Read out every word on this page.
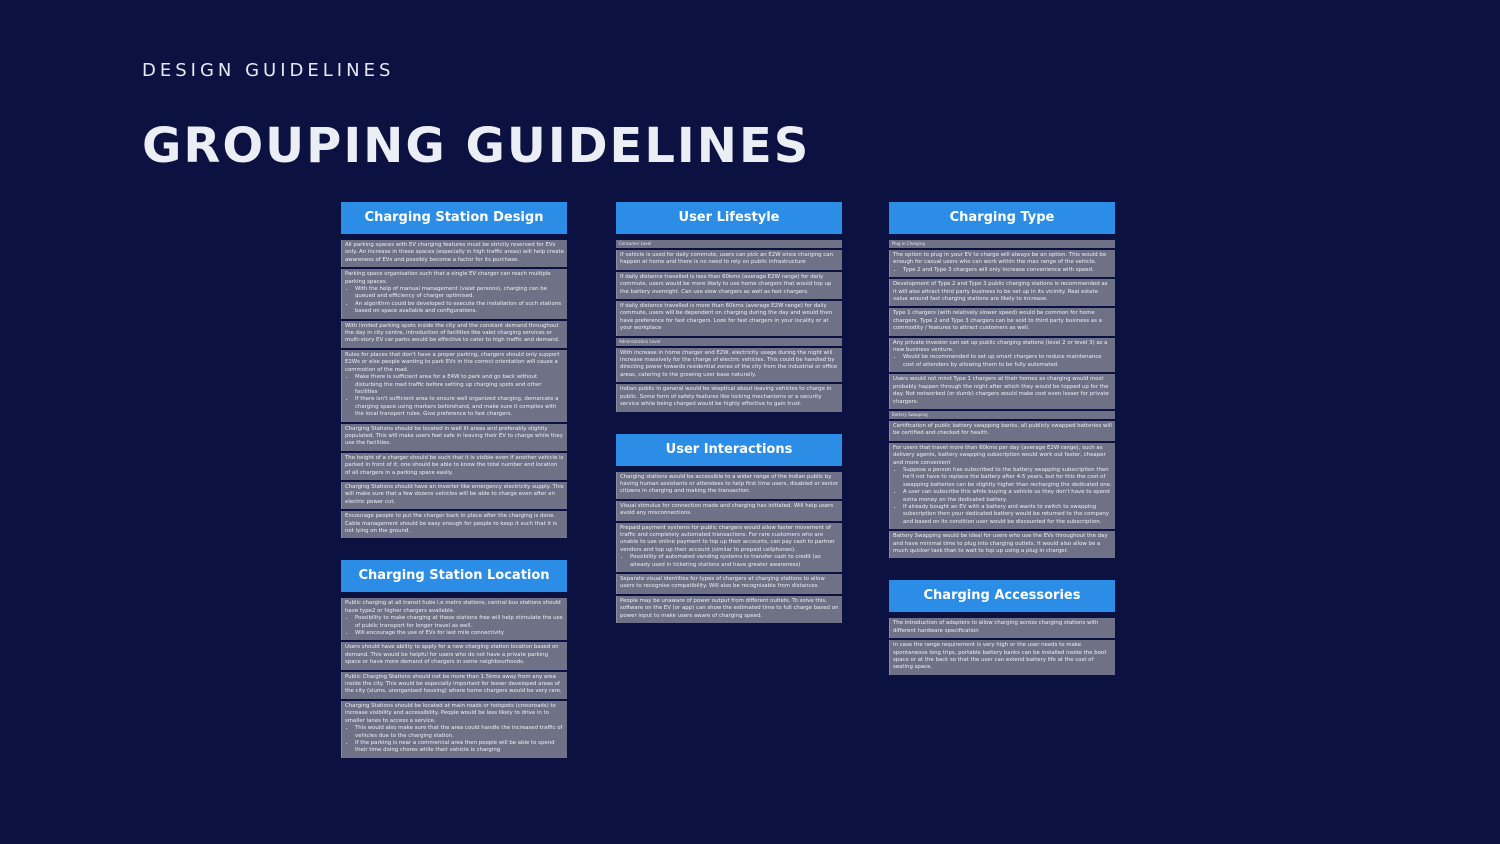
DESIGN GUIDELINES
GROUPING GUIDELINES
Charging Station Design
All parking spaces with EV charging features must be strictly reserved for EVs only. An increase in these spaces (especially in high traffic areas) will help create awareness of EVs and possibly become a factor for its purchase.
Parking space organisation such that a single EV charger can reach multiple parking spaces.
• With the help of manual management (valet persons), charging can be queued and efficiency of charger optimised.
• An algorithm could be developed to execute the installation of such stations based on space available and configurations.
With limited parking spots inside the city and the constant demand throughout the day in city centre, introduction of facilities like valet charging services or multi-story EV car parks would be effective to cater to high traffic and demand.
Rules for places that don't have a proper parking, chargers should only support E2Ws or else people wanting to park EVs in the correct orientation will cause a commotion of the road.
• Make there is sufficient area for a E4W to park and go back without disturbing the road traffic before setting up charging spots and other facilities
• If there isn't sufficient area to ensure well organized charging, demarcate a charging space using markers beforehand, and make sure it complies with the local transport rules. Give preference to fast chargers.
Charging Stations should be located in well lit areas and preferably slightly populated. This will make users feel safe in leaving their EV to charge while they use the facilities.
The height of a charger should be such that it is visible even if another vehicle is parked in front of it; one should be able to know the total number and location of all chargers in a parking space easily.
Charging Stations should have an inverter like emergency electricity supply. This will make sure that a few dozens vehicles will be able to charge even after an electric power cut.
Encourage people to put the charger back in place after the charging is done. Cable management should be easy enough for people to keep it such that it is not lying on the ground.
Charging Station Location
Public charging at all transit hubs i.e metro stations, central bus stations should have type2 or higher chargers available.
• Possibility to make charging at these stations free will help stimulate the use of public transport for longer travel as well.
• Will encourage the use of EVs for last mile connectivity
Users should have ability to apply for a new charging station location based on demand. This would be helpful for users who do not have a private parking space or have more demand of chargers in some neighbourhoods.
Public Charging Stations should not be more than 1.5kms away from any area inside the city. This would be especially important for lesser developed areas of the city (slums, unorganised housing) where home chargers would be very rare.
Charging Stations should be located at main roads or hotspots (crossroads) to increase visibility and accessibility. People would be less likely to drive in to smaller lanes to access a service.
• This would also make sure that the area could handle the increased traffic of vehicles due to the charging station.
• If the parking is near a commercial area then people will be able to spend their time doing chores while their vehicle is charging
User Lifestyle
Consumer Level
If vehicle is used for daily commute, users can pick an E2W since charging can happen at home and there is no need to rely on public infrastructure
If daily distance travelled is less than 60kms (average E2W range) for daily commute, users would be more likely to use home chargers that would top up the battery overnight. Can use slow chargers as well as fast chargers.
If daily distance travelled is more than 60kms (average E2W range) for daily commute, users will be dependent on charging during the day and would then have preference for fast chargers. Look for fast chargers in your locality or at your workplace
Administration Level
With increase in home charger and E2W, electricity usage during the night will increase massively for the charge of electric vehicles. This could be handled by directing power towards residential zones of the city from the industrial or office areas, catering to the growing user base naturally.
Indian public in general would be skeptical about leaving vehicles to charge in public. Some form of safety features like locking mechanisms or a security service while being charged would be highly effective to gain trust.
User Interactions
Charging stations would be accessible to a wider range of the Indian public by having human assistants or attendees to help first time users, disabled or senior citizens in charging and making the transaction.
Visual stimulus for connection made and charging has initiated. Will help users avoid any misconnections.
Prepaid payment systems for public chargers would allow faster movement of traffic and completely automated transactions. For rare customers who are unable to use online payment to top up their accounts, can pay cash to partner vendors and top up their account (similar to prepaid cellphones).
• Possibility of automated vending systems to transfer cash to credit (as already used in ticketing stations and have greater awareness)
Separate visual identities for types of chargers at charging stations to allow users to recognise compatibility. Will also be recognisable from distances.
People may be unaware of power output from different outlets. To solve this, software on the EV (or app) can show the estimated time to full charge based on power input to make users aware of charging speed.
Charging Type
Plug in Charging
The option to plug in your EV to charge will always be an option. This would be enough for casual users who can work within the max range of the vehicle.
• Type 2 and Type 3 chargers will only increase convenience with speed.
Development of Type 2 and Type 3 public charging stations is recommended as it will also attract third party business to be set up in its vicinity. Real estate value around fast charging stations are likely to increase.
Type 1 chargers (with relatively slower speed) would be common for home chargers. Type 2 and Type 3 chargers can be sold to third party business as a commodity / features to attract customers as well.
Any private investor can set up public charging stations (level 2 or level 3) as a new business venture.
• Would be recommended to set up smart chargers to reduce maintenance cost of attenders by allowing them to be fully automated.
Users would not mind Type 1 chargers at their homes as charging would most probably happen through the night after which they would be topped up for the day. Not networked (or dumb) chargers would make cost even lesser for private chargers.
Battery Swapping
Certification of public battery swapping banks, all publicly swapped batteries will be certified and checked for health.
For users that travel more than 60kms per day (average E2W range), such as delivery agents, battery swapping subscription would work out faster, cheaper and more convenient
• Suppose a person has subscribed to the battery swapping subscription then he'll not have to replace the battery after 4-5 years, but for this the cost of swapping batteries can be slightly higher than recharging the dedicated one.
• A user can subscribe this while buying a vehicle so they don't have to spend extra money on the dedicated battery.
• If already bought an EV with a battery and wants to switch to swapping subscription then your dedicated battery would be returned to the company and based on its condition user would be discounted for the subscription.
Battery Swapping would be ideal for users who use the EVs throughout the day and have minimal time to plug into charging outlets. It would also allow be a much quicker task than to wait to top up using a plug in charger.
Charging Accessories
The introduction of adapters to allow charging across charging stations with different hardware specification
In case the range requirement is very high or the user needs to make spontaneous long trips, portable battery banks can be installed inside the boot space or at the back so that the user can extend battery life at the cost of seating space.
